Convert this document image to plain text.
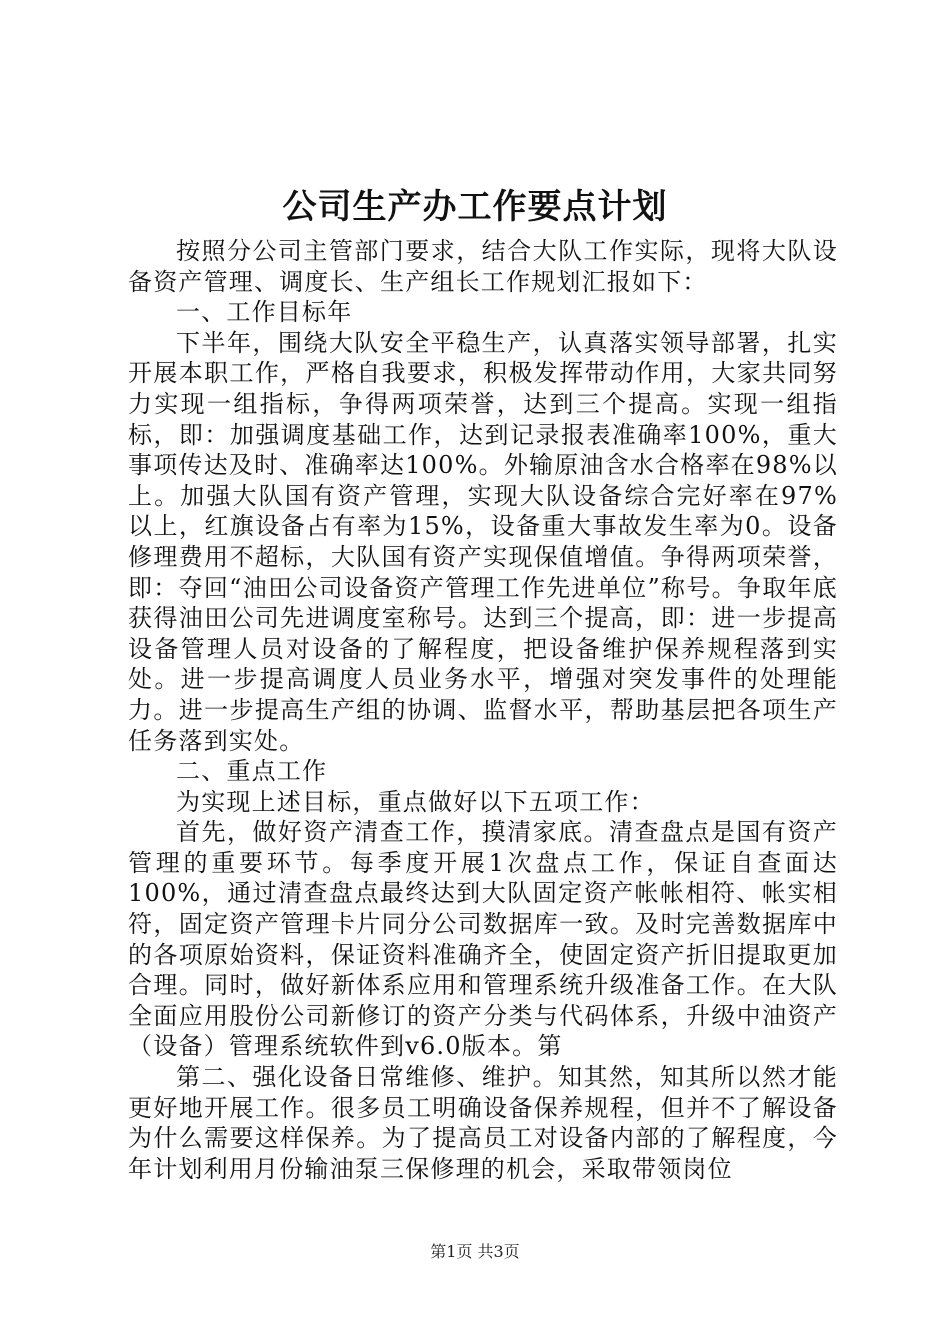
公司生产办工作要点计划

按照分公司主管部门要求，结合大队工作实际，现将大队设备资产管理、调度长、生产组长工作规划汇报如下：

一、工作目标年

下半年，围绕大队安全平稳生产，认真落实领导部署，扎实开展本职工作，严格自我要求，积极发挥带动作用，大家共同努力实现一组指标，争得两项荣誉，达到三个提高。实现一组指标，即：加强调度基础工作，达到记录报表准确率100%，重大事项传达及时、准确率达100%。外输原油含水合格率在98%以上。加强大队国有资产管理，实现大队设备综合完好率在97%以上，红旗设备占有率为15%，设备重大事故发生率为0。设备修理费用不超标，大队国有资产实现保值增值。争得两项荣誉，即：夺回“油田公司设备资产管理工作先进单位”称号。争取年底获得油田公司先进调度室称号。达到三个提高，即：进一步提高设备管理人员对设备的了解程度，把设备维护保养规程落到实处。进一步提高调度人员业务水平，增强对突发事件的处理能力。进一步提高生产组的协调、监督水平，帮助基层把各项生产任务落到实处。

二、重点工作

为实现上述目标，重点做好以下五项工作：

首先，做好资产清查工作，摸清家底。清查盘点是国有资产管理的重要环节。每季度开展1次盘点工作，保证自查面达100%，通过清查盘点最终达到大队固定资产帐帐相符、帐实相符，固定资产管理卡片同分公司数据库一致。及时完善数据库中的各项原始资料，保证资料准确齐全，使固定资产折旧提取更加合理。同时，做好新体系应用和管理系统升级准备工作。在大队全面应用股份公司新修订的资产分类与代码体系，升级中油资产（设备）管理系统软件到v6.0版本。第

第二、强化设备日常维修、维护。知其然，知其所以然才能更好地开展工作。很多员工明确设备保养规程，但并不了解设备为什么需要这样保养。为了提高员工对设备内部的了解程度，今年计划利用月份输油泵三保修理的机会，采取带领岗位

第1页 共3页
